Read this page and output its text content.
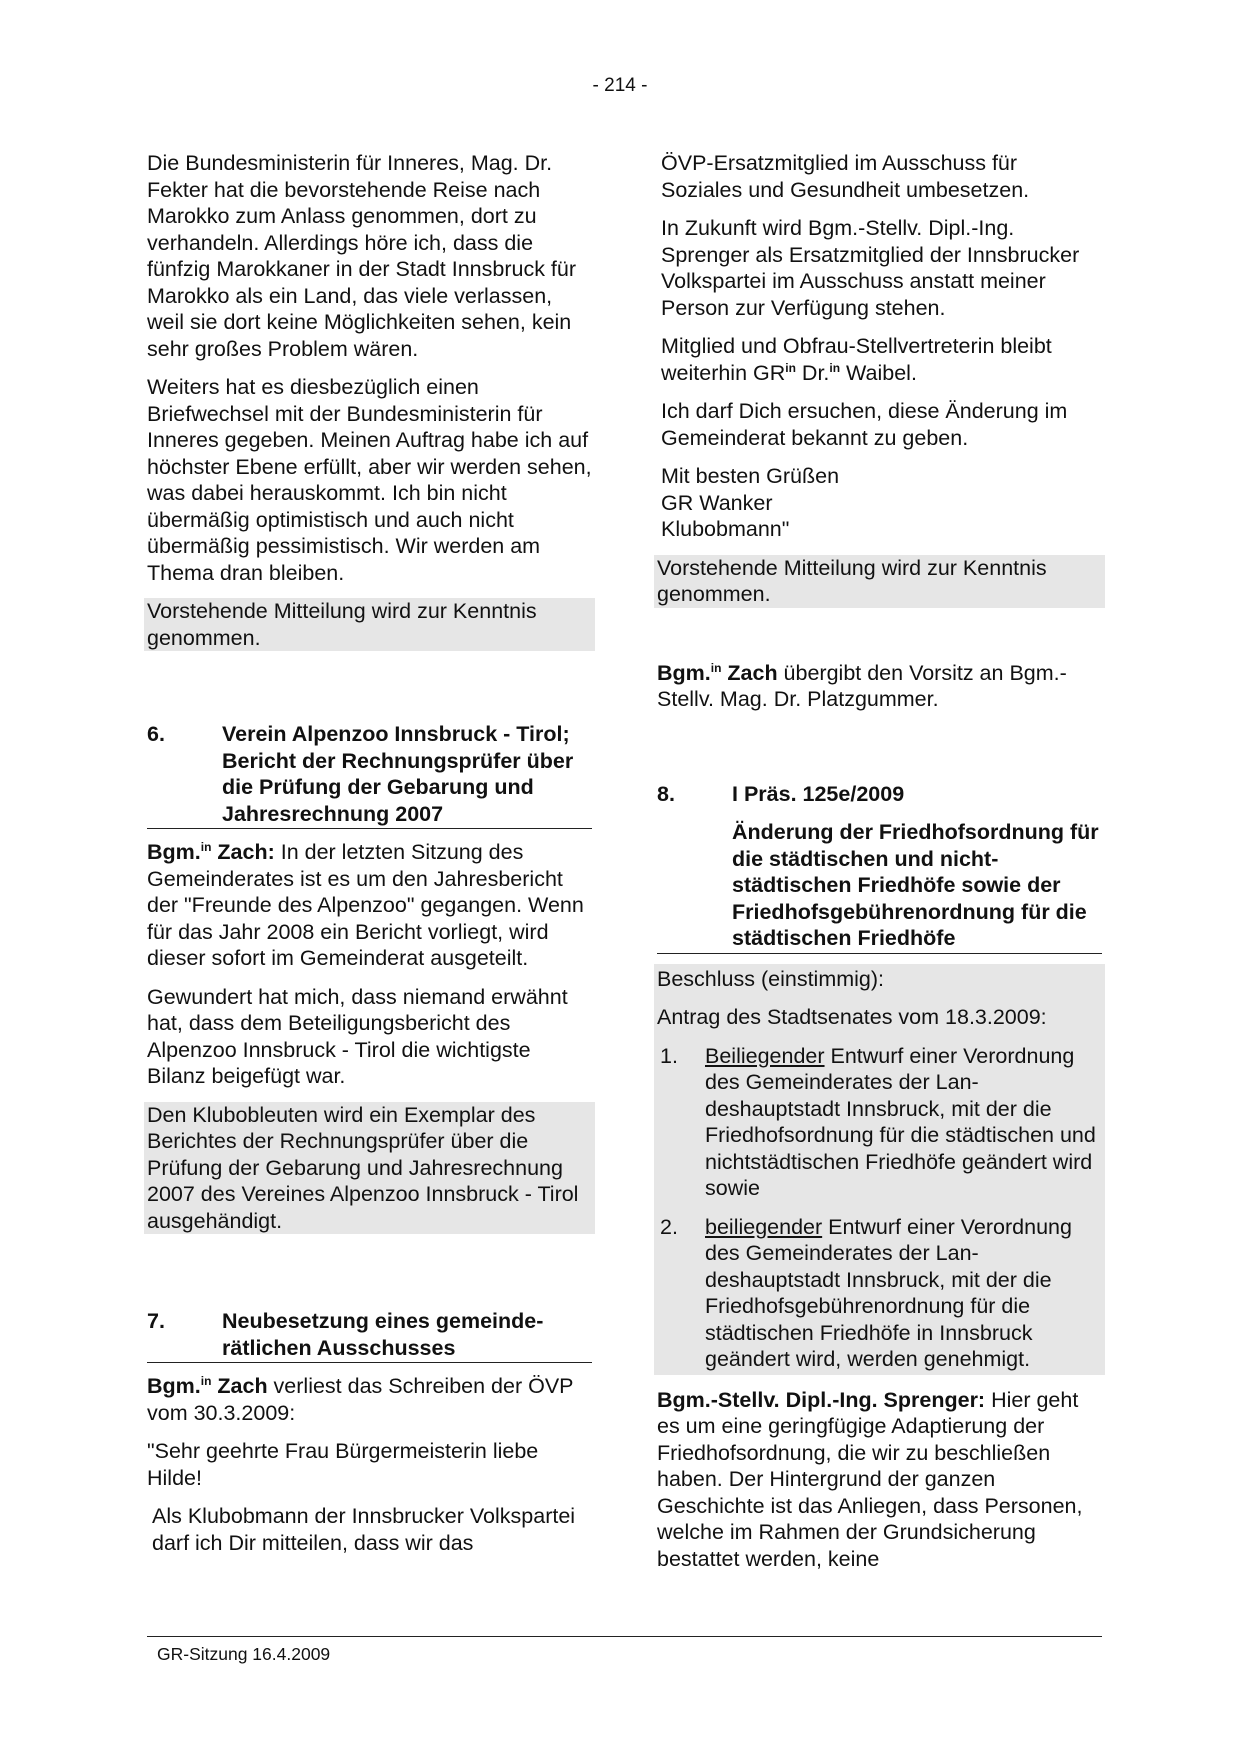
- 214 -

Die Bundesministerin für Inneres, Mag. Dr. Fekter hat die bevorstehende Reise nach Marokko zum Anlass genommen, dort zu verhandeln. Allerdings höre ich, dass die fünfzig Marokkaner in der Stadt Innsbruck für Marokko als ein Land, das viele verlassen, weil sie dort keine Möglichkeiten sehen, kein sehr großes Problem wären.

Weiters hat es diesbezüglich einen Briefwechsel mit der Bundesministerin für Inneres gegeben. Meinen Auftrag habe ich auf höchster Ebene erfüllt, aber wir werden sehen, was dabei herauskommt. Ich bin nicht übermäßig optimistisch und auch nicht übermäßig pessimistisch. Wir werden am Thema dran bleiben.

Vorstehende Mitteilung wird zur Kenntnis genommen.

6.	Verein Alpenzoo Innsbruck - Tirol; Bericht der Rechnungsprüfer über die Prüfung der Gebarung und Jahresrechnung 2007

Bgm.$^{in}$ Zach: In der letzten Sitzung des Gemeinderates ist es um den Jahresbericht der "Freunde des Alpenzoo" gegangen. Wenn für das Jahr 2008 ein Bericht vorliegt, wird dieser sofort im Gemeinderat ausgeteilt.

Gewundert hat mich, dass niemand erwähnt hat, dass dem Beteiligungsbericht des Alpenzoo Innsbruck - Tirol die wichtigste Bilanz beigefügt war.

Den Klubobleuten wird ein Exemplar des Berichtes der Rechnungsprüfer über die Prüfung der Gebarung und Jahresrechnung 2007 des Vereines Alpenzoo Innsbruck - Tirol ausgehändigt.

7.	Neubesetzung eines gemeinderätlichen Ausschusses

Bgm.$^{in}$ Zach verliest das Schreiben der ÖVP vom 30.3.2009:

"Sehr geehrte Frau Bürgermeisterin liebe Hilde!

Als Klubobmann der Innsbrucker Volkspartei darf ich Dir mitteilen, dass wir das

ÖVP-Ersatzmitglied im Ausschuss für Soziales und Gesundheit umbesetzen.

In Zukunft wird Bgm.-Stellv. Dipl.-Ing. Sprenger als Ersatzmitglied der Innsbrucker Volkspartei im Ausschuss anstatt meiner Person zur Verfügung stehen.

Mitglied und Obfrau-Stellvertreterin bleibt weiterhin $GR^{in}$ Dr.$^{in}$ Waibel.

Ich darf Dich ersuchen, diese Änderung im Gemeinderat bekannt zu geben.

Mit besten Grüßen
GR Wanker
Klubobmann"

Vorstehende Mitteilung wird zur Kenntnis genommen.

Bgm.$^{in}$ Zach übergibt den Vorsitz an Bgm.-Stellv. Mag. Dr. Platzgummer.

8.	I Präs. 125e/2009
Änderung der Friedhofsordnung für die städtischen und nichtstädtischen Friedhöfe sowie der Friedhofsgebührenordnung für die städtischen Friedhöfe

Beschluss (einstimmig):

Antrag des Stadtsenates vom 18.3.2009:

1. Beiliegender Entwurf einer Verordnung des Gemeinderates der Landeshauptstadt Innsbruck, mit der die Friedhofsordnung für die städtischen und nichtstädtischen Friedhöfe geändert wird sowie

2. beiliegender Entwurf einer Verordnung des Gemeinderates der Landeshauptstadt Innsbruck, mit der die Friedhofsgebührenordnung für die städtischen Friedhöfe in Innsbruck geändert wird, werden genehmigt.

Bgm.-Stellv. Dipl.-Ing. Sprenger: Hier geht es um eine geringfügige Adaptierung der Friedhofsordnung, die wir zu beschließen haben. Der Hintergrund der ganzen Geschichte ist das Anliegen, dass Personen, welche im Rahmen der Grundsicherung bestattet werden, keine

GR-Sitzung 16.4.2009
